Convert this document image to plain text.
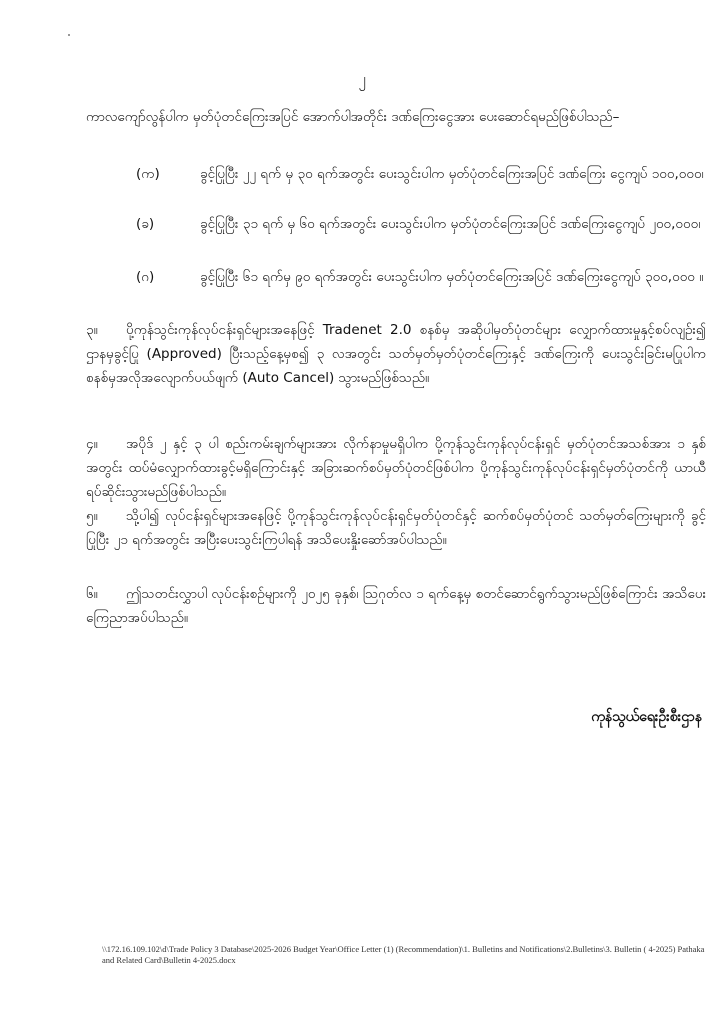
၂
ကာလကျော်လွန်ပါက မှတ်ပုံတင်ကြေးအပြင် အောက်ပါအတိုင်း ဒဏ်ကြေးငွေအား ပေးဆောင်ရမည်ဖြစ်ပါသည်–
(က)	ခွင့်ပြုပြီး ၂၂ ရက် မှ ၃၀ ရက်အတွင်း ပေးသွင်းပါက မှတ်ပုံတင်ကြေးအပြင် ဒဏ်ကြေး ငွေကျပ် ၁၀၀,၀၀၀၊
(ခ)	ခွင့်ပြုပြီး ၃၁ ရက် မှ ၆၀ ရက်အတွင်း ပေးသွင်းပါက မှတ်ပုံတင်ကြေးအပြင် ဒဏ်ကြေးငွေကျပ် ၂၀၀,၀၀၀၊
(ဂ)	ခွင့်ပြုပြီး ၆၁ ရက်မှ ၉၀ ရက်အတွင်း ပေးသွင်းပါက မှတ်ပုံတင်ကြေးအပြင် ဒဏ်ကြေးငွေကျပ် ၃၀၀,၀၀၀ ။
၃။ ပို့ကုန်သွင်းကုန်လုပ်ငန်းရှင်များအနေဖြင့် Tradenet 2.0 စနစ်မှ အဆိုပါမှတ်ပုံတင်များ လျှောက်ထားမှုနှင့်စပ်လျဉ်း၍ ဌာနမှခွင့်ပြု (Approved) ပြီးသည့်နေ့မှစ၍ ၃ လအတွင်း သတ်မှတ်မှတ်ပုံတင်ကြေးနှင့် ဒဏ်ကြေးကို ပေးသွင်းခြင်းမပြုပါက စနစ်မှအလိုအလျောက်ပယ်ဖျက် (Auto Cancel) သွားမည်ဖြစ်သည်။
၄။ အပိုဒ် ၂ နှင့် ၃ ပါ စည်းကမ်းချက်များအား လိုက်နာမှုမရှိပါက ပို့ကုန်သွင်းကုန်လုပ်ငန်းရှင် မှတ်ပုံတင်အသစ်အား ၁ နှစ်အတွင်း ထပ်မံလျှောက်ထားခွင့်မရှိကြောင်းနှင့် အခြားဆက်စပ်မှတ်ပုံတင်ဖြစ်ပါက ပို့ကုန်သွင်းကုန်လုပ်ငန်းရှင်မှတ်ပုံတင်ကို ယာယီရပ်ဆိုင်းသွားမည်ဖြစ်ပါသည်။
၅။ သို့ပါ၍ လုပ်ငန်းရှင်များအနေဖြင့် ပို့ကုန်သွင်းကုန်လုပ်ငန်းရှင်မှတ်ပုံတင်နှင့် ဆက်စပ်မှတ်ပုံတင် သတ်မှတ်ကြေးများကို ခွင့်ပြုပြီး ၂၁ ရက်အတွင်း အပြီးပေးသွင်းကြပါရန် အသိပေးနှိုးဆော်အပ်ပါသည်။
၆။ ဤသတင်းလွှာပါ လုပ်ငန်းစဉ်များကို ၂၀၂၅ ခုနှစ်၊ ဩဂုတ်လ ၁ ရက်နေ့မှ စတင်ဆောင်ရွက်သွားမည်ဖြစ်ကြောင်း အသိပေးကြေညာအပ်ပါသည်။
ကုန်သွယ်ရေးဦးစီးဌာန
\\172.16.109.102\d\Trade Policy 3 Database\2025-2026 Budget Year\Office Letter (1) (Recommendation)\1. Bulletins and Notifications\2.Bulletins\3. Bulletin ( 4-2025) Pathaka and Related Card\Bulletin 4-2025.docx
